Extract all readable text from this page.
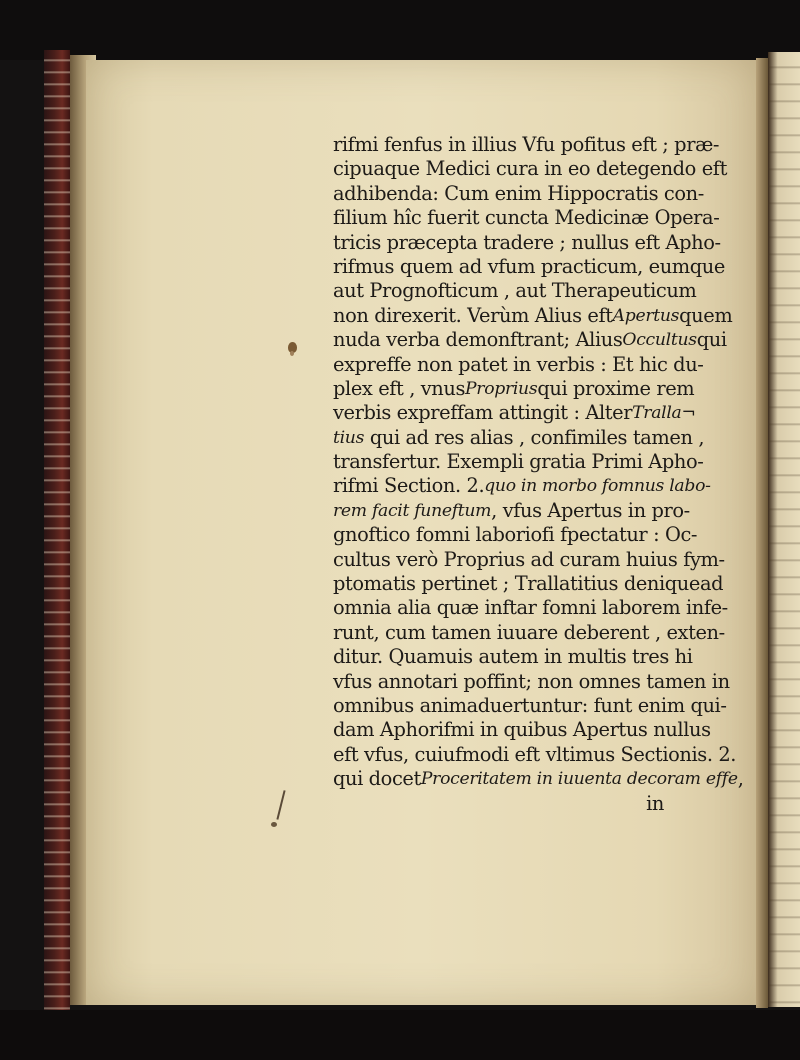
rifmi fenfus in illius Vfu pofitus eft ; præ-
cipuaque Medici cura in eo detegendo eft
adhibenda: Cum enim Hippocratis con-
filium hîc fuerit cuncta Medicinæ Opera-
tricis præcepta tradere ; nullus eft Apho-
rifmus quem ad vfum practicum, eumque
aut Prognofticum , aut Therapeuticum
non direxerit. Verùm Alius eft Apertus quem
nuda verba demonftrant; Alius Occultus qui
expreffe non patet in verbis : Et hic du-
plex eft , vnus Proprius qui proxime rem
verbis expreffam attingit : Alter Tralla¬
tius
qui ad res alias , confimiles tamen ,
transfertur. Exempli gratia Primi Apho-
rifmi Section. 2. quo in morbo fomnus labo-
rem facit funeftum , vfus Apertus in pro-
gnoftico fomni laboriofi fpectatur : Oc-
cultus verò Proprius ad curam huius fym-
ptomatis pertinet ; Trallatitius deniquead
omnia alia quæ inftar fomni laborem infe-
runt, cum tamen iuuare deberent , exten-
ditur. Quamuis autem in multis tres hi
vfus annotari poffint; non omnes tamen in
omnibus animaduertuntur: funt enim qui-
dam Aphorifmi in quibus Apertus nullus
eft vfus, cuiufmodi eft vltimus Sectionis. 2.
qui docet Proceritatem in iuuenta decoram effe ,
in
